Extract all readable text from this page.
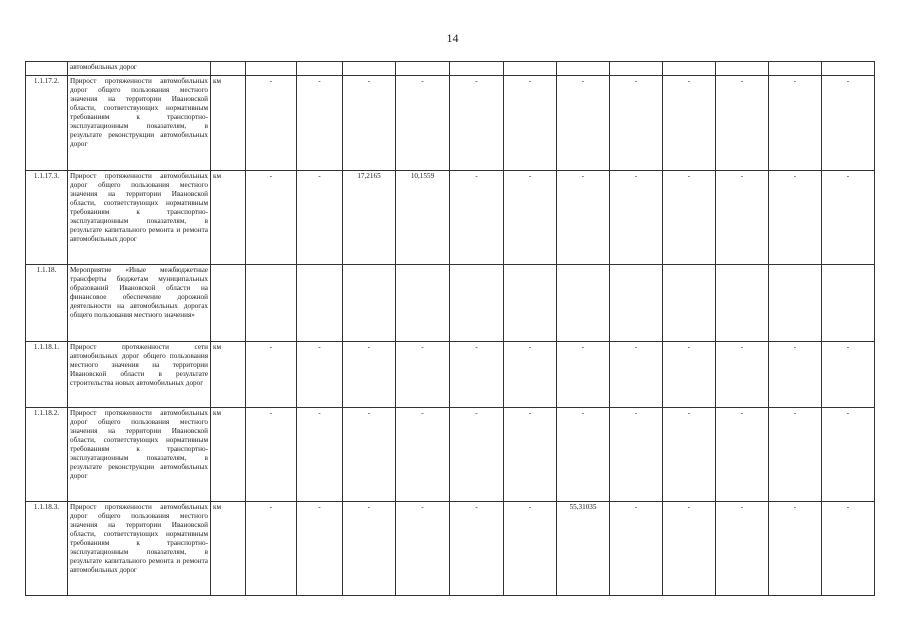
14
	автомобильных дорог													
1.1.17.2.	Прирост протяженности автомобильных дорог общего пользования местного значения на территории Ивановской области, соответствующих нормативным требованиям к транспортно-эксплуатационным показателям, в результате реконструкции автомобильных дорог	км	-	-	-	-	-	-	-	-	-	-	-	-
1.1.17.3.	Прирост протяженности автомобильных дорог общего пользования местного значения на территории Ивановской области, соответствующих нормативным требованиям к транспортно-эксплуатационным показателям, в результате капитального ремонта и ремонта автомобильных дорог	км	-	-	17,2165	10,1559	-	-	-	-	-	-	-	-
1.1.18.	Мероприятие «Иные межбюджетные трансферты бюджетам муниципальных образований Ивановской области на финансовое обеспечение дорожной деятельности на автомобильных дорогах общего пользования местного значения»													
1.1.18.1.	Прирост протяженности сети автомобильных дорог общего пользования местного значения на территории Ивановской области в результате строительства новых автомобильных дорог	км	-	-	-	-	-	-	-	-	-	-	-	-
1.1.18.2.	Прирост протяженности автомобильных дорог общего пользования местного значения на территории Ивановской области, соответствующих нормативным требованиям к транспортно-эксплуатационным показателям, в результате реконструкции автомобильных дорог	км	-	-	-	-	-	-	-	-	-	-	-	-
1.1.18.3.	Прирост протяженности автомобильных дорог общего пользования местного значения на территории Ивановской области, соответствующих нормативным требованиям к транспортно-эксплуатационным показателям, в результате капитального ремонта и ремонта автомобильных дорог	км	-	-	-	-	-	-	55,31035	-	-	-	-	-
